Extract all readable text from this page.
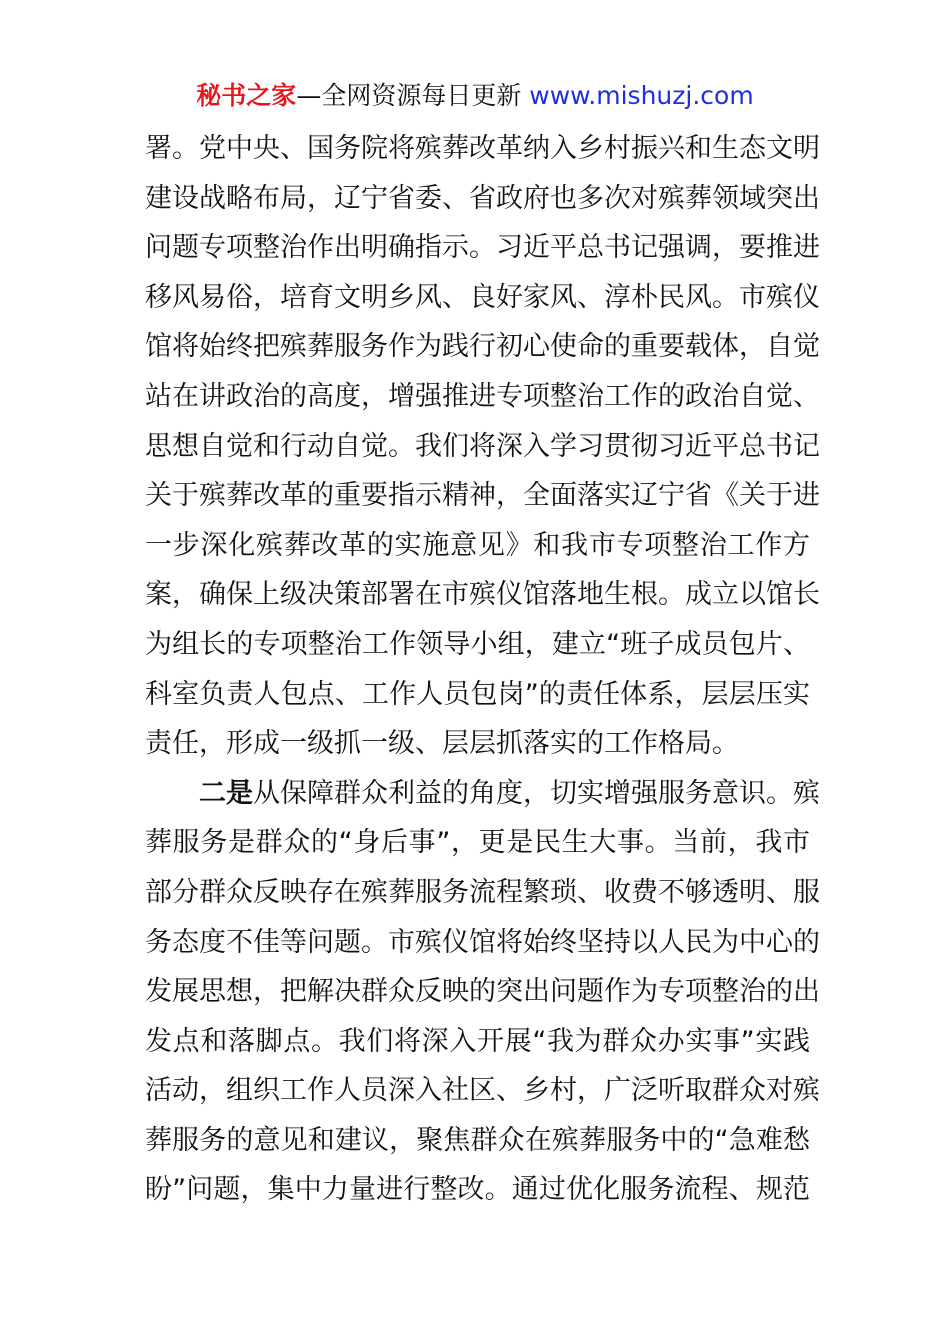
秘书之家—全网资源每日更新 www.mishuzj.com
署。党中央、国务院将殡葬改革纳入乡村振兴和生态文明
建设战略布局，辽宁省委、省政府也多次对殡葬领域突出
问题专项整治作出明确指示。习近平总书记强调，要推进
移风易俗，培育文明乡风、良好家风、淳朴民风。市殡仪
馆将始终把殡葬服务作为践行初心使命的重要载体，自觉
站在讲政治的高度，增强推进专项整治工作的政治自觉、
思想自觉和行动自觉。我们将深入学习贯彻习近平总书记
关于殡葬改革的重要指示精神，全面落实辽宁省《关于进
一步深化殡葬改革的实施意见》和我市专项整治工作方
案，确保上级决策部署在市殡仪馆落地生根。成立以馆长
为组长的专项整治工作领导小组，建立“班子成员包片、
科室负责人包点、工作人员包岗”的责任体系，层层压实
责任，形成一级抓一级、层层抓落实的工作格局。
二是从保障群众利益的角度，切实增强服务意识。殡
葬服务是群众的“身后事”，更是民生大事。当前，我市
部分群众反映存在殡葬服务流程繁琐、收费不够透明、服
务态度不佳等问题。市殡仪馆将始终坚持以人民为中心的
发展思想，把解决群众反映的突出问题作为专项整治的出
发点和落脚点。我们将深入开展“我为群众办实事”实践
活动，组织工作人员深入社区、乡村，广泛听取群众对殡
葬服务的意见和建议，聚焦群众在殡葬服务中的“急难愁
盼”问题，集中力量进行整改。通过优化服务流程、规范
